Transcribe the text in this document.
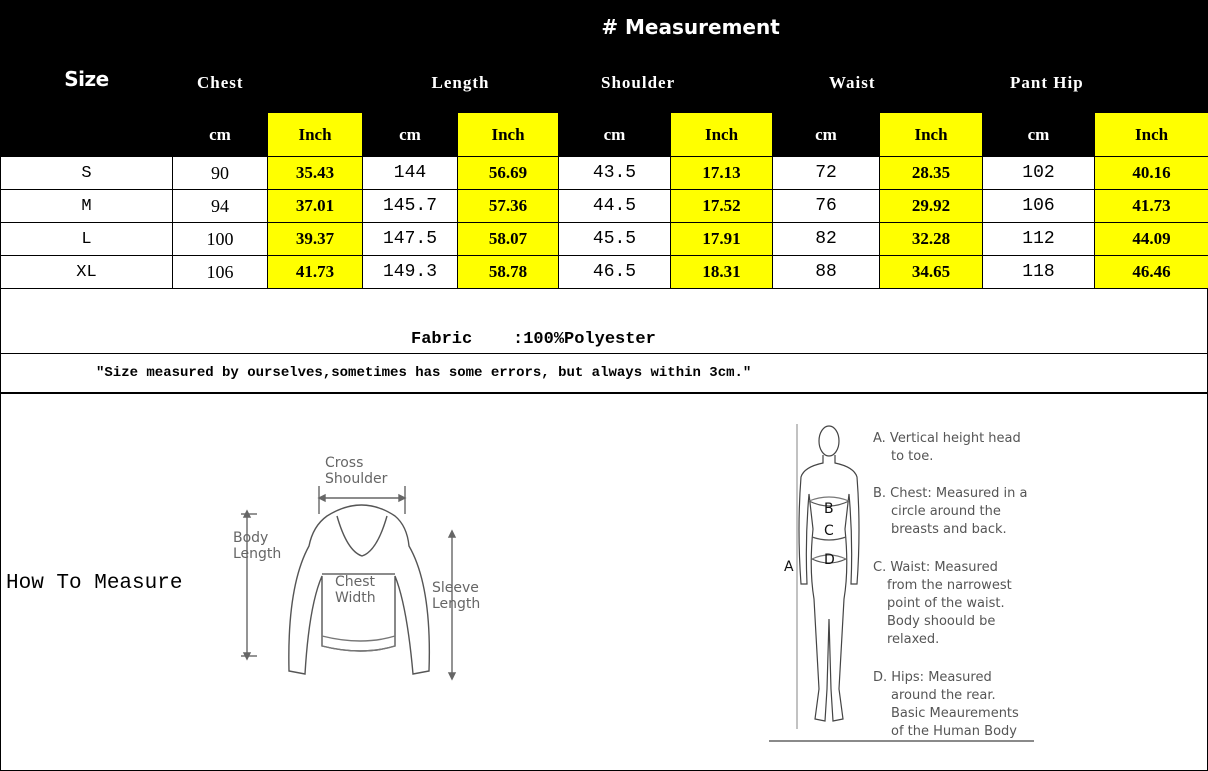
Size	# Measurement									
	Chest		Length		Shoulder		Waist		Pant Hip	
	cm	Inch	cm	Inch	cm	Inch	cm	Inch	cm	Inch
S	90	35.43	144	56.69	43.5	17.13	72	28.35	102	40.16
M	94	37.01	145.7	57.36	44.5	17.52	76	29.92	106	41.73
L	100	39.37	147.5	58.07	45.5	17.91	82	32.28	112	44.09
XL	106	41.73	149.3	58.78	46.5	18.31	88	34.65	118	46.46
Fabric    :100%Polyester
"Size measured by ourselves,sometimes has some errors, but always within 3cm."
How To Measure
Cross
Shoulder
Body
Length
Chest
Width
Sleeve
Length
A
B
C
D
A. Vertical height head
to toe.
B. Chest: Measured in a
circle around the
breasts and back.
C. Waist: Measured
from the narrowest
point of the waist.
Body shoould be
relaxed.
D. Hips: Measured
around the rear.
Basic Meaurements
of the Human Body
